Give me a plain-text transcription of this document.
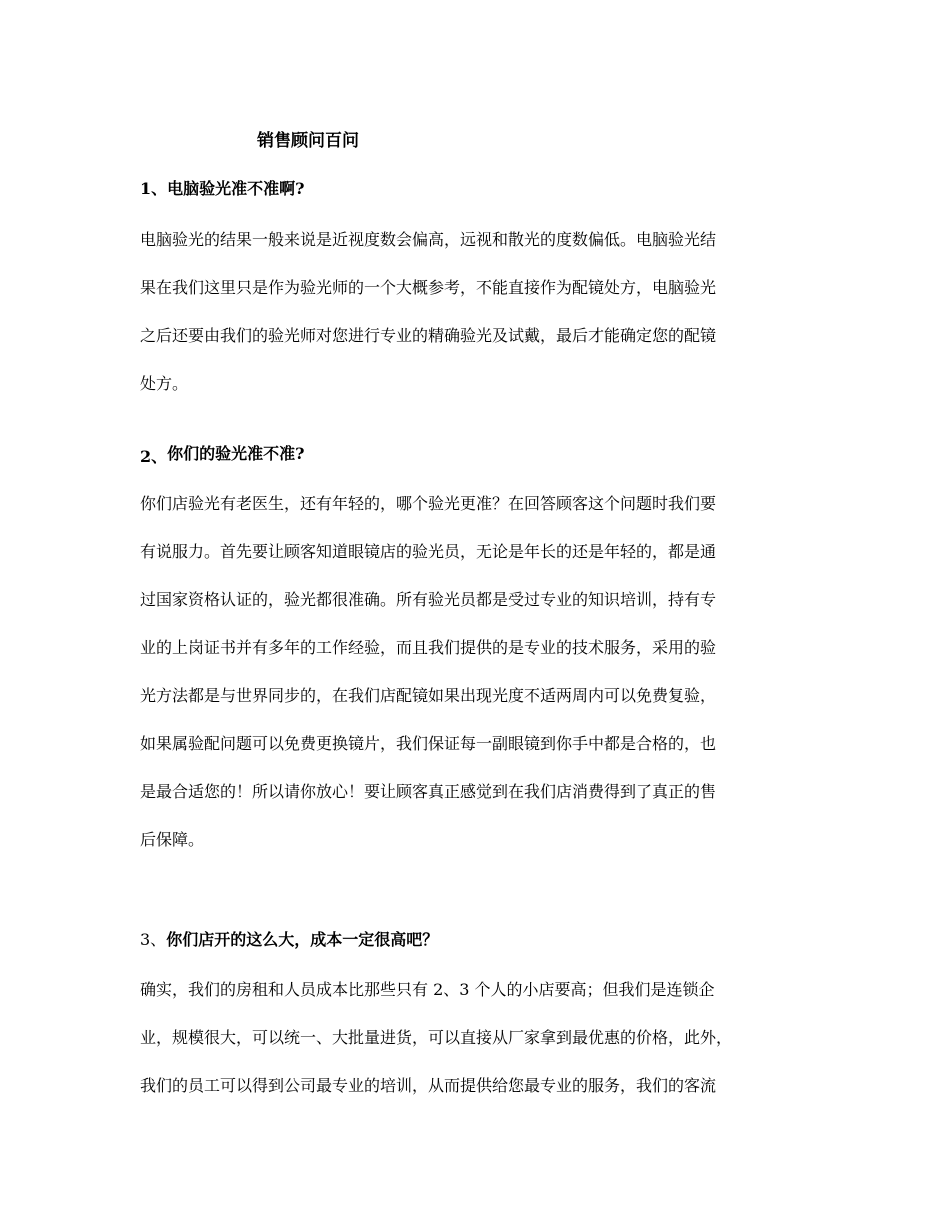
销售顾问百问
1、电脑验光准不准啊?
电脑验光的结果一般来说是近视度数会偏高，远视和散光的度数偏低。电脑验光结
果在我们这里只是作为验光师的一个大概参考，不能直接作为配镜处方，电脑验光
之后还要由我们的验光师对您进行专业的精确验光及试戴，最后才能确定您的配镜
处方。
2、你们的验光准不准?
你们店验光有老医生，还有年轻的，哪个验光更准？在回答顾客这个问题时我们要
有说服力。首先要让顾客知道眼镜店的验光员，无论是年长的还是年轻的，都是通
过国家资格认证的，验光都很准确。所有验光员都是受过专业的知识培训，持有专
业的上岗证书并有多年的工作经验，而且我们提供的是专业的技术服务，采用的验
光方法都是与世界同步的，在我们店配镜如果出现光度不适两周内可以免费复验，
如果属验配问题可以免费更换镜片，我们保证每一副眼镜到你手中都是合格的，也
是最合适您的！所以请你放心！要让顾客真正感觉到在我们店消费得到了真正的售
后保障。
3、你们店开的这么大，成本一定很高吧？
确实，我们的房租和人员成本比那些只有 2、3 个人的小店要高；但我们是连锁企
业，规模很大，可以统一、大批量进货，可以直接从厂家拿到最优惠的价格，此外，
我们的员工可以得到公司最专业的培训，从而提供给您最专业的服务，我们的客流
